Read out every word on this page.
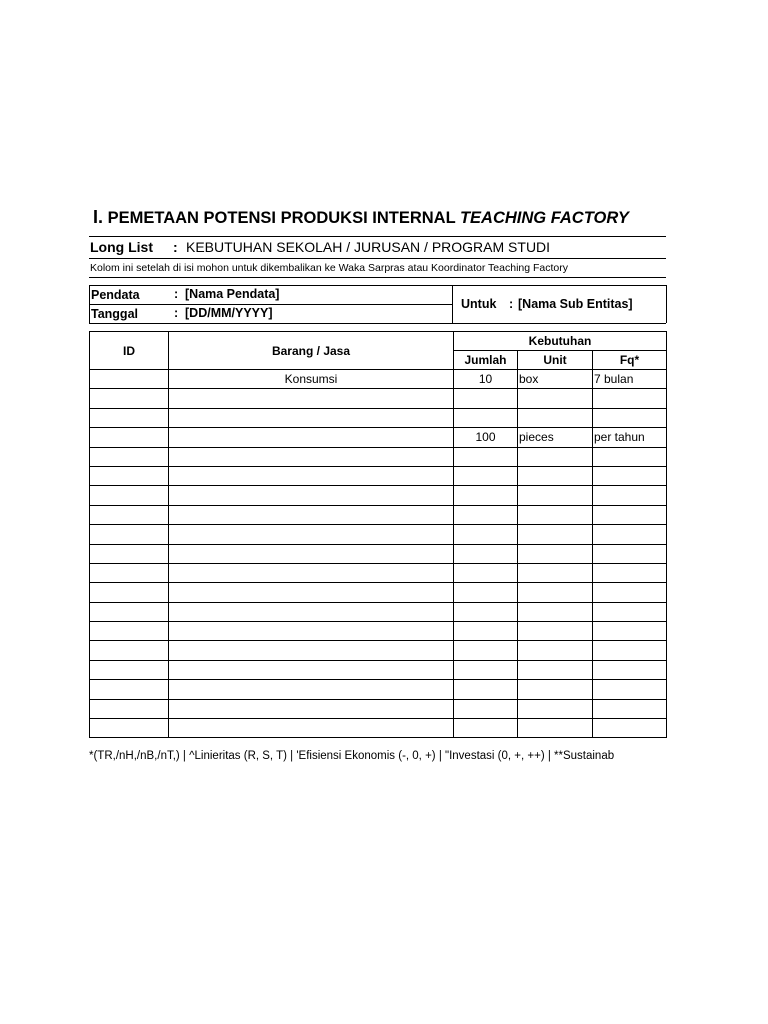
I. PEMETAAN POTENSI PRODUKSI INTERNAL TEACHING FACTORY
Long List : KEBUTUHAN SEKOLAH / JURUSAN / PROGRAM STUDI
Kolom ini setelah di isi mohon untuk dikembalikan ke Waka Sarpras atau Koordinator Teaching Factory
Pendata	: [Nama Pendata]
Tanggal	: [DD/MM/YYYY]
Untuk : [Nama Sub Entitas]
ID	Barang / Jasa	Kebutuhan		
		Jumlah	Unit	Fq*
	Konsumsi	10	box	7 bulan

		100	pieces	per tahun

*(TR,/nH,/nB,/nT,) | ^Linieritas (R, S, T) | 'Efisiensi Ekonomis (-, 0, +) | "Investasi (0, +, ++) | **Sustainab
